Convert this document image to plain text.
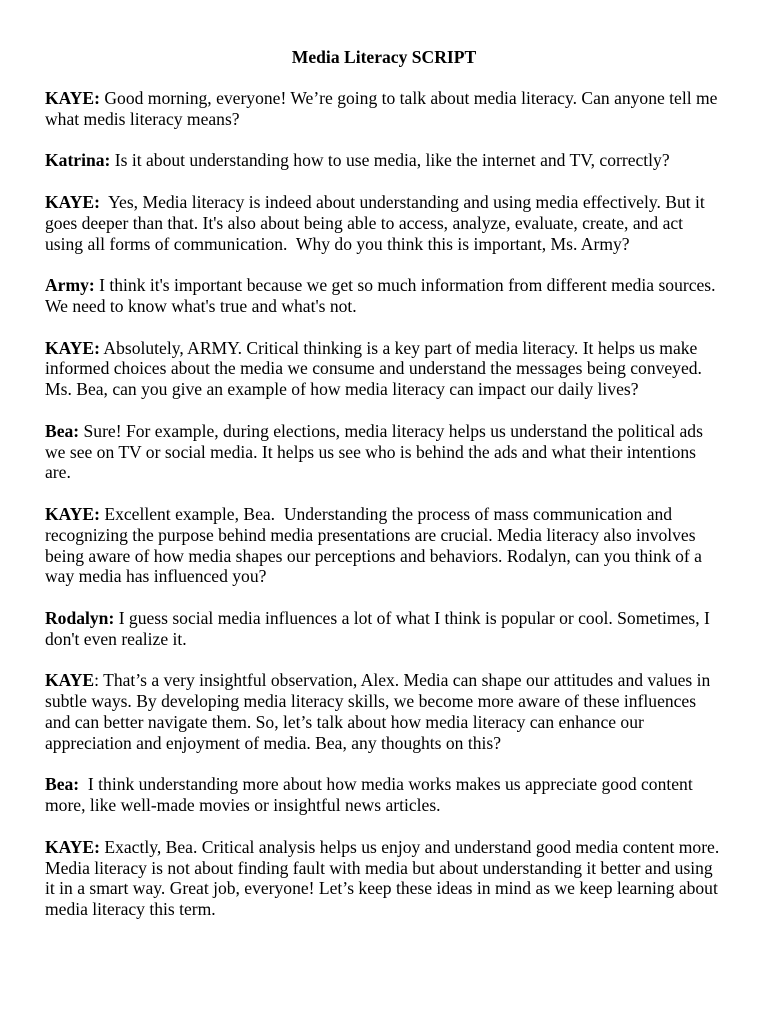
Media Literacy SCRIPT

KAYE: Good morning, everyone! We’re going to talk about media literacy. Can anyone tell me what medis literacy means?

Katrina: Is it about understanding how to use media, like the internet and TV, correctly?

KAYE:  Yes, Media literacy is indeed about understanding and using media effectively. But it goes deeper than that. It's also about being able to access, analyze, evaluate, create, and act using all forms of communication.  Why do you think this is important, Ms. Army?

Army: I think it's important because we get so much information from different media sources. We need to know what's true and what's not.

KAYE: Absolutely, ARMY. Critical thinking is a key part of media literacy. It helps us make informed choices about the media we consume and understand the messages being conveyed. Ms. Bea, can you give an example of how media literacy can impact our daily lives?

Bea: Sure! For example, during elections, media literacy helps us understand the political ads we see on TV or social media. It helps us see who is behind the ads and what their intentions are.

KAYE: Excellent example, Bea.  Understanding the process of mass communication and recognizing the purpose behind media presentations are crucial. Media literacy also involves being aware of how media shapes our perceptions and behaviors. Rodalyn, can you think of a way media has influenced you?

Rodalyn: I guess social media influences a lot of what I think is popular or cool. Sometimes, I don't even realize it.

KAYE: That’s a very insightful observation, Alex. Media can shape our attitudes and values in subtle ways. By developing media literacy skills, we become more aware of these influences and can better navigate them. So, let’s talk about how media literacy can enhance our appreciation and enjoyment of media. Bea, any thoughts on this?

Bea:  I think understanding more about how media works makes us appreciate good content more, like well-made movies or insightful news articles.

KAYE: Exactly, Bea. Critical analysis helps us enjoy and understand good media content more. Media literacy is not about finding fault with media but about understanding it better and using it in a smart way. Great job, everyone! Let’s keep these ideas in mind as we keep learning about media literacy this term.
